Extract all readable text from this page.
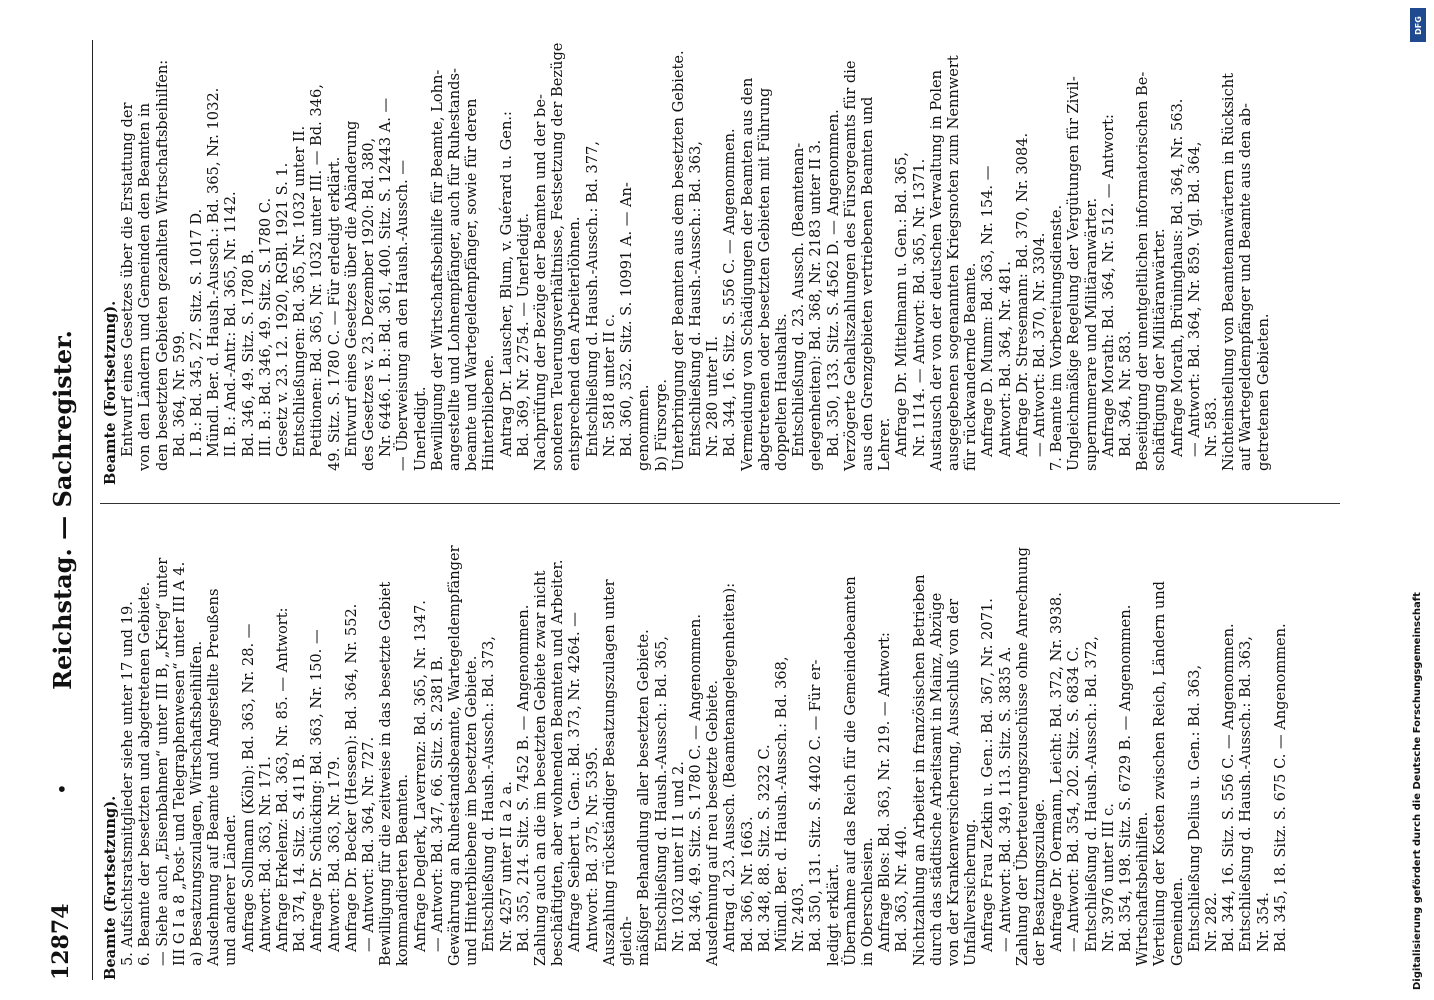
12874
•
Reichstag. — Sachregister.
Beamte (Fortsetzung). 5. Aufsichtsratsmitglieder siehe unter 17 und 19. 6. Beamte der besetzten und abgetretenen Gebiete. — Siehe auch „Eisenbahnen“ unter III B, „Krieg“ unter III G I a 8 „Post- und Telegraphenwesen“ unter III A 4. a) Besatzungszulagen, Wirtschaftsbeihilfen. Ausdehnung auf Beamte und Angestellte Preußens und anderer Länder. Anfrage Sollmann (Köln): Bd. 363, Nr. 28. — Antwort: Bd. 363, Nr. 171. Anfrage Erkelenz: Bd. 363, Nr. 85. — Antwort: Bd. 374, 14. Sitz. S. 411 B. Anfrage Dr. Schücking: Bd. 363, Nr. 150. — Antwort: Bd. 363, Nr. 179. Anfrage Dr. Becker (Hessen): Bd. 364, Nr. 552. — Antwort: Bd. 364, Nr. 727. Bewilligung für die zeitweise in das besetzte Gebiet kommandierten Beamten. Anfrage Deglerk, Laverrenz: Bd. 365, Nr. 1347. — Antwort: Bd. 347, 66. Sitz. S. 2381 B. Gewährung an Ruhestandsbeamte, Wartegeldempfänger und Hinterbliebene im besetzten Gebiete. Entschließung d. Haush.-Aussch.: Bd. 373, Nr. 4257 unter II a 2 a. Bd. 355, 214. Sitz. S. 7452 B. — Angenommen. Zahlung auch an die im besetzten Gebiete zwar nicht beschäftigten, aber wohnenden Beamten und Arbeiter. Anfrage Seibert u. Gen.: Bd. 373, Nr. 4264. — Antwort: Bd. 375, Nr. 5395. Auszahlung rückständiger Besatzungszulagen unter gleich- mäßiger Behandlung aller besetzten Gebiete. Entschließung d. Haush.-Aussch.: Bd. 365, Nr. 1032 unter II 1 und 2. Bd. 346, 49. Sitz. S. 1780 C. — Angenommen. Ausdehnung auf neu besetzte Gebiete. Antrag d. 23. Aussch. (Beamtenangelegenheiten): Bd. 366, Nr. 1663. Bd. 348, 88. Sitz. S. 3232 C. Mündl. Ber. d. Haush.-Aussch.: Bd. 368, Nr. 2403. Bd. 350, 131. Sitz. S. 4402 C. — Für er- ledigt erklärt. Übernahme auf das Reich für die Gemeindebeamten in Oberschlesien. Anfrage Blos: Bd. 363, Nr. 219. — Antwort: Bd. 363, Nr. 440. Nichtzahlung an Arbeiter in französischen Betrieben durch das städtische Arbeitsamt in Mainz, Abzüge von der Krankenversicherung, Ausschluß von der Unfallversicherung. Anfrage Frau Zetkin u. Gen.: Bd. 367, Nr. 2071. — Antwort: Bd. 349, 113. Sitz. S. 3835 A. Zahlung der Überteuerungszuschüsse ohne Anrechnung der Besatzungszulage. Anfrage Dr. Oermann, Leicht: Bd. 372, Nr. 3938. — Antwort: Bd. 354, 202. Sitz. S. 6834 C. Entschließung d. Haush.-Aussch.: Bd. 372, Nr. 3976 unter III c. Bd. 354, 198. Sitz. S. 6729 B. — Angenommen. Wirtschaftsbeihilfen. Verteilung der Kosten zwischen Reich, Ländern und Gemeinden. Entschließung Delius u. Gen.: Bd. 363, Nr. 282. Bd. 344, 16. Sitz. S. 556 C. — Angenommen. Entschließung d. Haush.-Aussch.: Bd. 363, Nr. 354. Bd. 345, 18. Sitz. S. 675 C. — Angenommen.
Beamte (Fortsetzung). Entwurf eines Gesetzes über die Erstattung der von den Ländern und Gemeinden den Beamten in den besetzten Gebieten gezahlten Wirtschaftsbeihilfen: Bd. 364, Nr. 599. I. B.: Bd. 345, 27. Sitz. S. 1017 D. Mündl. Ber. d. Haush.-Aussch.: Bd. 365, Nr. 1032. II. B.: And.-Antr.: Bd. 365, Nr. 1142. Bd. 346, 49. Sitz. S. 1780 B. III. B.: Bd. 346, 49. Sitz. S. 1780 C. Gesetz v. 23. 12. 1920, RGBl. 1921 S. 1. Entschließungen: Bd. 365, Nr. 1032 unter II. Petitionen: Bd. 365, Nr. 1032 unter III. — Bd. 346, 49. Sitz. S. 1780 C. — Für erledigt erklärt. Entwurf eines Gesetzes über die Abänderung des Gesetzes v. 23. Dezember 1920: Bd. 380, Nr. 6446. I. B.: Bd. 361, 400. Sitz. S. 12443 A. — — Überweisung an den Haush.-Aussch. — Unerledigt. Bewilligung der Wirtschaftsbeihilfe für Beamte, Lohn- angestellte und Lohnempfänger, auch für Ruhestands- beamte und Wartegeldempfänger, sowie für deren Hinterbliebene. Antrag Dr. Lauscher, Blum, v. Guérard u. Gen.: Bd. 369, Nr. 2754. — Unerledigt. Nachprüfung der Bezüge der Beamten und der be- sonderen Teuerungsverhältnisse, Festsetzung der Bezüge entsprechend den Arbeiterlöhnen. Entschließung d. Haush.-Aussch.: Bd. 377, Nr. 5818 unter II c. Bd. 360, 352. Sitz. S. 10991 A. — An- genommen. b) Fürsorge. Unterbringung der Beamten aus dem besetzten Gebiete. Entschließung d. Haush.-Aussch.: Bd. 363, Nr. 280 unter II. Bd. 344, 16. Sitz. S. 556 C. — Angenommen. Vermeidung von Schädigungen der Beamten aus den abgetretenen oder besetzten Gebieten mit Führung doppelten Haushalts. Entschließung d. 23. Aussch. (Beamtenan- gelegenheiten): Bd. 368, Nr. 2183 unter II 3. Bd. 350, 133. Sitz. S. 4562 D. — Angenommen. Verzögerte Gehaltszahlungen des Fürsorgeamts für die aus den Grenzgebieten vertriebenen Beamten und Lehrer. Anfrage Dr. Mittelmann u. Gen.: Bd. 365, Nr. 1114. — Antwort: Bd. 365, Nr. 1371. Austausch der von der deutschen Verwaltung in Polen ausgegebenen sogenannten Kriegsnoten zum Nennwert für rückwandernde Beamte. Anfrage D. Mumm: Bd. 363, Nr. 154. — Antwort: Bd. 364, Nr. 481. Anfrage Dr. Stresemann: Bd. 370, Nr. 3084. — Antwort: Bd. 370, Nr. 3304. 7. Beamte im Vorbereitungsdienste. Ungleichmäßige Regelung der Vergütungen für Zivil- supernumerare und Militäranwärter. Anfrage Morath: Bd. 364, Nr. 512. — Antwort: Bd. 364, Nr. 583. Beseitigung der unentgeltlichen informatorischen Be- schäftigung der Militäranwärter. Anfrage Morath, Brüninghaus: Bd. 364, Nr. 563. — Antwort: Bd. 364, Nr. 859. Vgl. Bd. 364, Nr. 583. Nichteinstellung von Beamtenanwärtern in Rücksicht auf Wartegeldempfänger und Beamte aus den ab- getretenen Gebieten.
DFG
Digitalisierung gefördert durch die Deutsche Forschungsgemeinschaft
